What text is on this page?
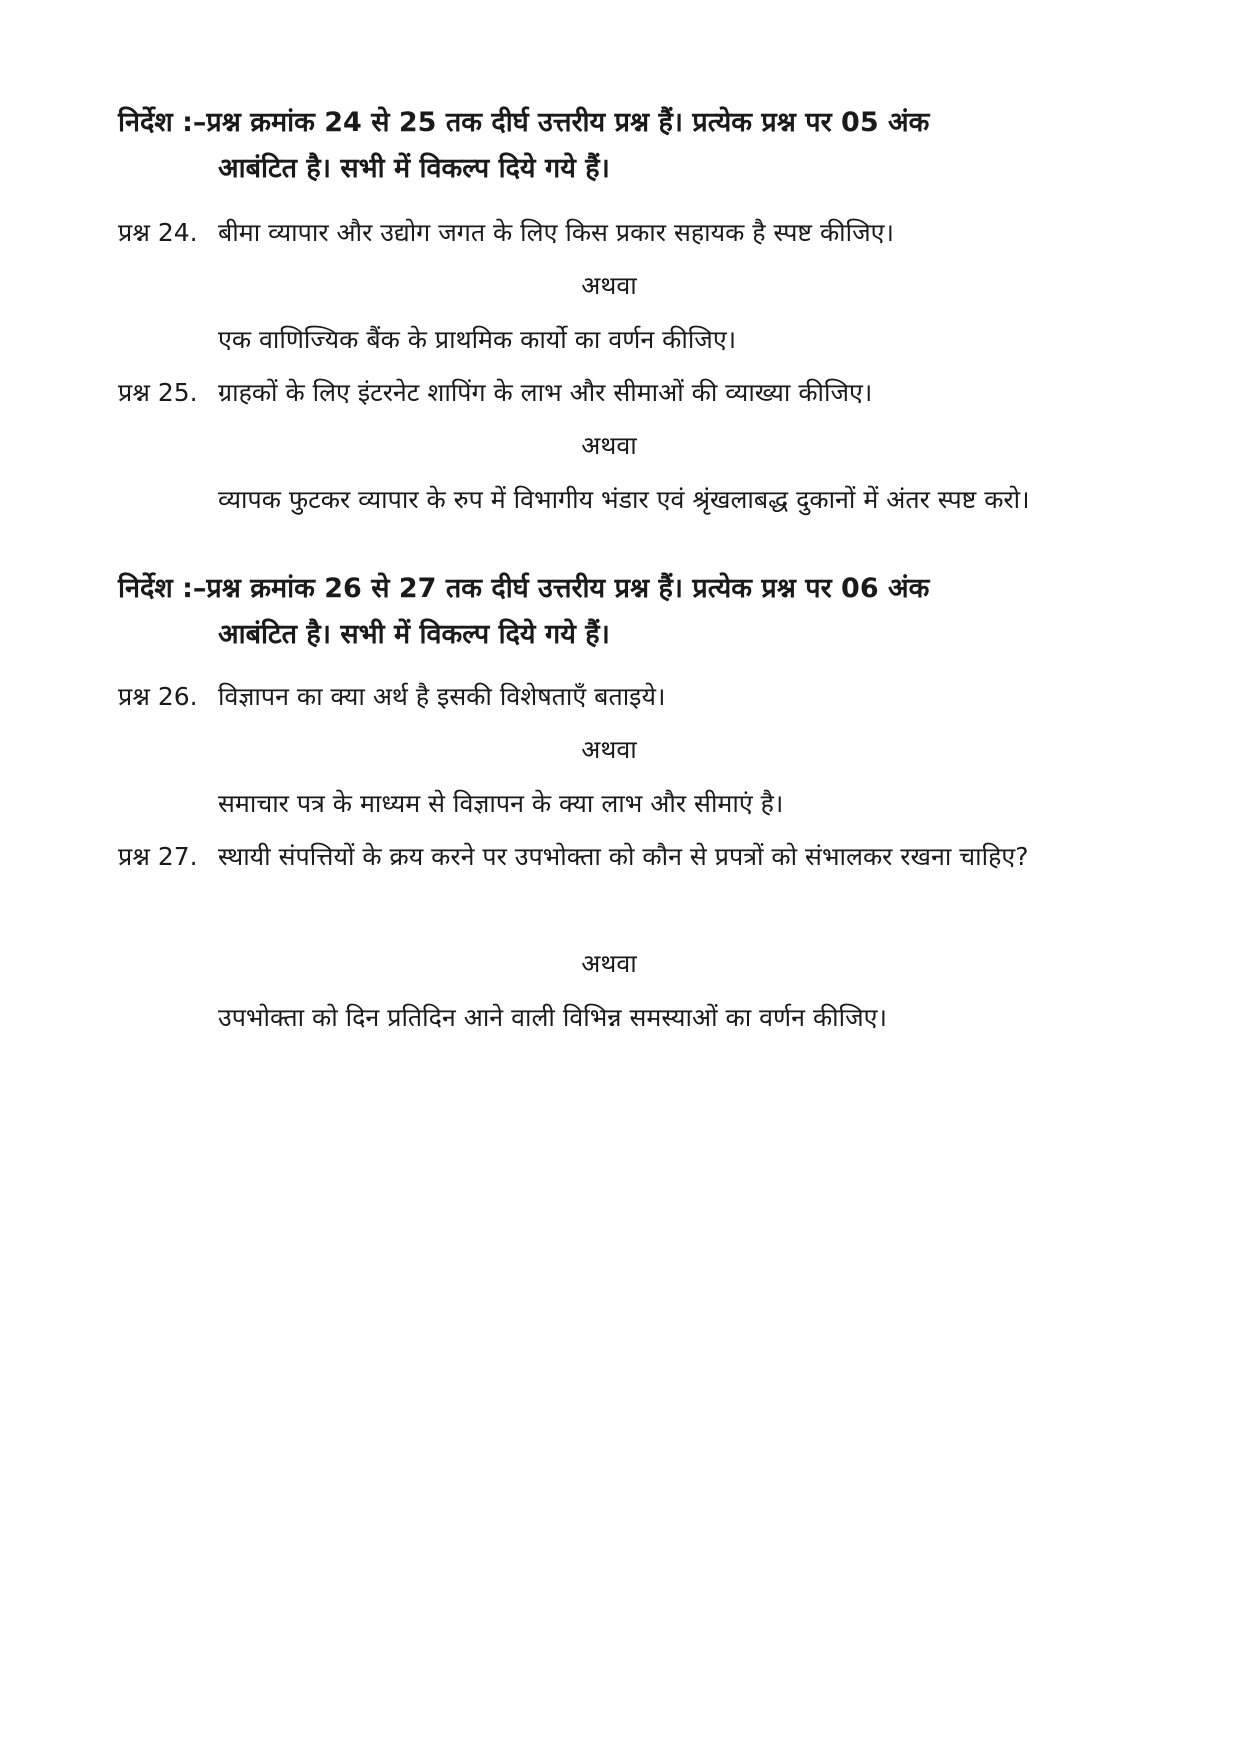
निर्देश :–प्रश्न क्रमांक 24 से 25 तक दीर्घ उत्तरीय प्रश्न हैं। प्रत्येक प्रश्न पर 05 अंक
आबंटित है। सभी में विकल्प दिये गये हैं।
प्रश्न 24. बीमा व्यापार और उद्योग जगत के लिए किस प्रकार सहायक है स्पष्ट कीजिए।
अथवा
एक वाणिज्यिक बैंक के प्राथमिक कार्यो का वर्णन कीजिए।
प्रश्न 25. ग्राहकों के लिए इंटरनेट शापिंग के लाभ और सीमाओं की व्याख्या कीजिए।
अथवा
व्यापक फुटकर व्यापार के रुप में विभागीय भंडार एवं श्रृंखलाबद्ध दुकानों में अंतर स्पष्ट करो।
निर्देश :–प्रश्न क्रमांक 26 से 27 तक दीर्घ उत्तरीय प्रश्न हैं। प्रत्येक प्रश्न पर 06 अंक
आबंटित है। सभी में विकल्प दिये गये हैं।
प्रश्न 26. विज्ञापन का क्या अर्थ है इसकी विशेषताएँ बताइये।
अथवा
समाचार पत्र के माध्यम से विज्ञापन के क्या लाभ और सीमाएं है।
प्रश्न 27. स्थायी संपत्तियों के क्रय करने पर उपभोक्ता को कौन से प्रपत्रों को संभालकर रखना चाहिए?
अथवा
उपभोक्ता को दिन प्रतिदिन आने वाली विभिन्न समस्याओं का वर्णन कीजिए।
